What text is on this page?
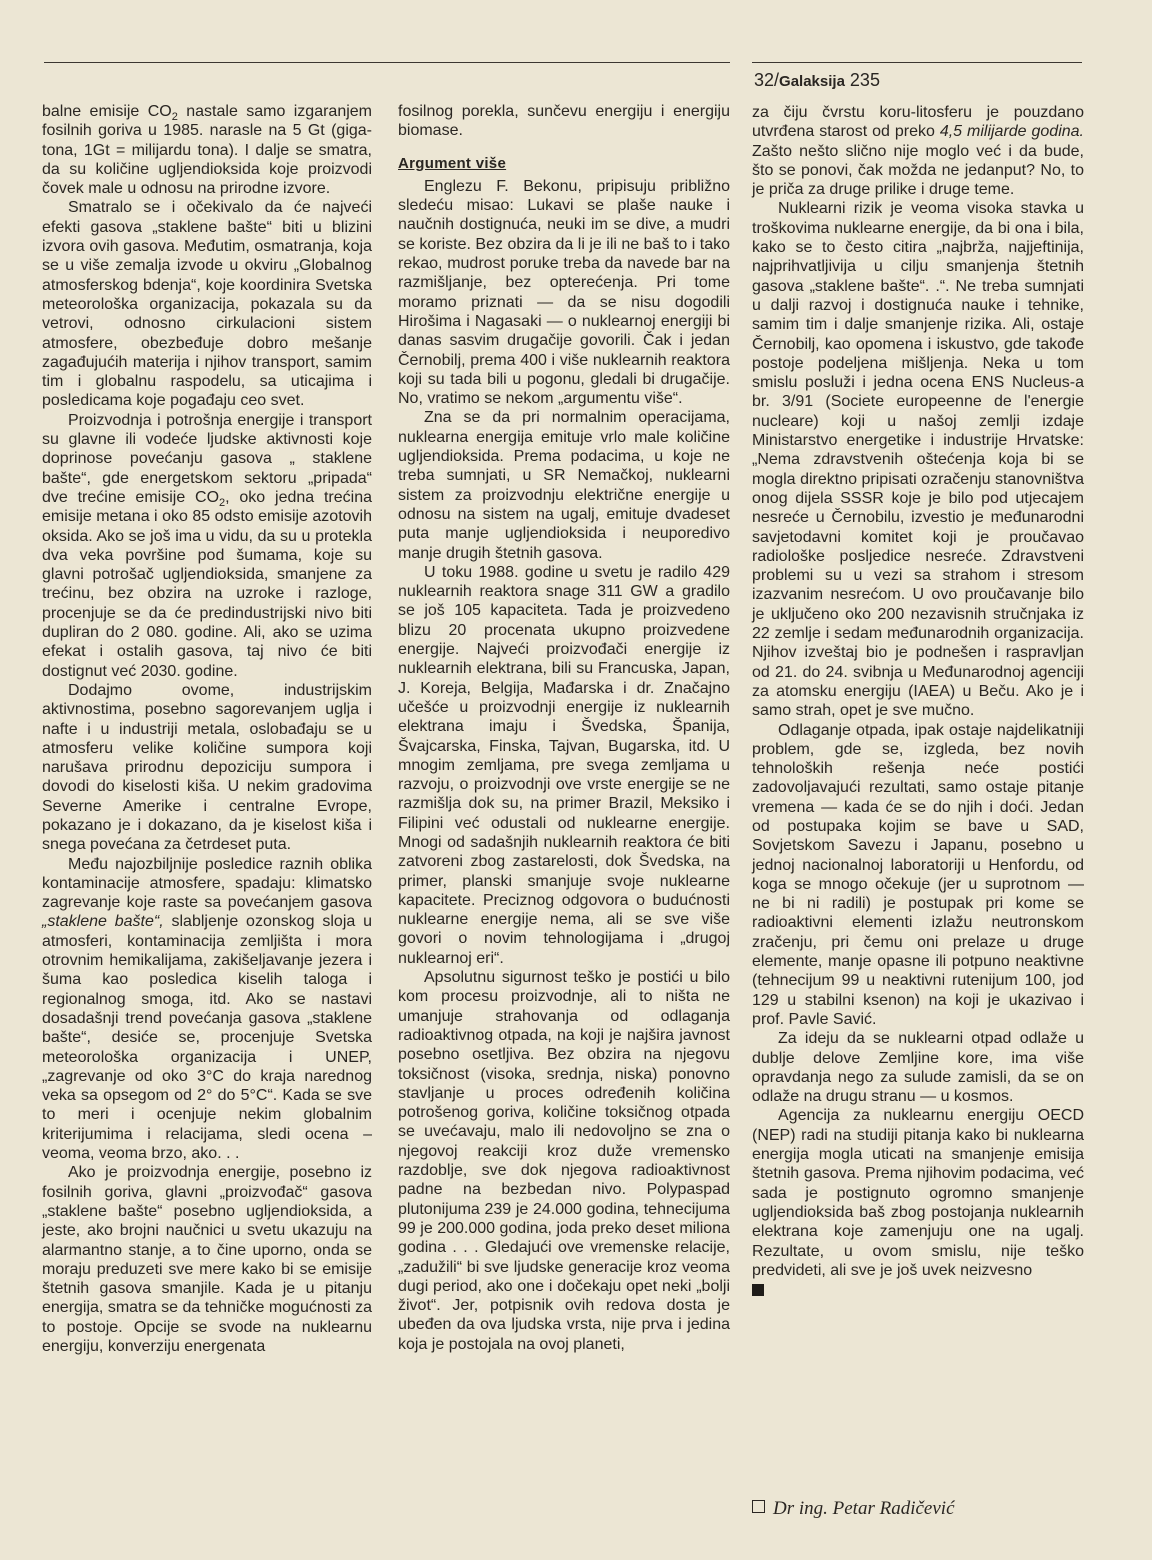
32/Galaksija 235

balne emisije $CO_2$ nastale samo izgaranjem fosilnih goriva u 1985. narasle na 5 Gt (giga-tona, 1Gt = milijardu tona). I dalje se smatra, da su količine ugljendioksida koje proizvodi čovek male u odnosu na prirodne izvore.

Smatralo se i očekivalo da će najveći efekti gasova „staklene bašte“ biti u blizini izvora ovih gasova. Međutim, osmatranja, koja se u više zemalja izvode u okviru „Globalnog atmosferskog bdenja“, koje koordinira Svetska meteorološka organizacija, pokazala su da vetrovi, odnosno cirkulacioni sistem atmosfere, obezbeđuje dobro mešanje zagađujućih materija i njihov transport, samim tim i globalnu raspodelu, sa uticajima i posledicama koje pogađaju ceo svet.

Proizvodnja i potrošnja energije i transport su glavne ili vodeće ljudske aktivnosti koje doprinose povećanju gasova „ staklene bašte“, gde energetskom sektoru „pripada“ dve trećine emisije $CO_2$, oko jedna trećina emisije metana i oko 85 odsto emisije azotovih oksida. Ako se još ima u vidu, da su u protekla dva veka površine pod šumama, koje su glavni potrošač ugljendioksida, smanjene za trećinu, bez obzira na uzroke i razloge, procenjuje se da će predindustrijski nivo biti dupliran do 2 080. godine. Ali, ako se uzima efekat i ostalih gasova, taj nivo će biti dostignut već 2030. godine.

Dodajmo ovome, industrijskim aktivnostima, posebno sagorevanjem uglja i nafte i u industriji metala, oslobađaju se u atmosferu velike količine sumpora koji narušava prirodnu depoziciju sumpora i dovodi do kiselosti kiša. U nekim gradovima Severne Amerike i centralne Evrope, pokazano je i dokazano, da je kiselost kiša i snega povećana za četrdeset puta.

Među najozbiljnije posledice raznih oblika kontaminacije atmosfere, spadaju: klimatsko zagrevanje koje raste sa povećanjem gasova „staklene bašte“, slabljenje ozonskog sloja u atmosferi, kontaminacija zemljišta i mora otrovnim hemikalijama, zakišeljavanje jezera i šuma kao posledica kiselih taloga i regionalnog smoga, itd. Ako se nastavi dosadašnji trend povećanja gasova „staklene bašte“, desiće se, procenjuje Svetska meteorološka organizacija i UNEP, „zagrevanje od oko 3°C do kraja narednog veka sa opsegom od 2° do 5°C“. Kada se sve to meri i ocenjuje nekim globalnim kriterijumima i relacijama, sledi ocena – veoma, veoma brzo, ako. . .

Ako je proizvodnja energije, posebno iz fosilnih goriva, glavni „proizvođač“ gasova „staklene bašte“ posebno ugljendioksida, a jeste, ako brojni naučnici u svetu ukazuju na alarmantno stanje, a to čine uporno, onda se moraju preduzeti sve mere kako bi se emisije štetnih gasova smanjile. Kada je u pitanju energija, smatra se da tehničke mogućnosti za to postoje. Opcije se svode na nuklearnu energiju, konverziju energenata

fosilnog porekla, sunčevu energiju i energiju biomase.

Argument više

Englezu F. Bekonu, pripisuju približno sledeću misao: Lukavi se plaše nauke i naučnih dostignuća, neuki im se dive, a mudri se koriste. Bez obzira da li je ili ne baš to i tako rekao, mudrost porukе treba da navede bar na razmišljanje, bez opterećenja. Pri tome moramo priznati — da se nisu dogodili Hirošima i Nagasaki — o nuklearnoj energiji bi danas sasvim drugačije govorili. Čak i jedan Černobilj, prema 400 i više nuklearnih reaktora koji su tada bili u pogonu, gledali bi drugačije. No, vratimo se nekom „argumentu više“.

Zna se da pri normalnim operacijama, nuklearna energija emituje vrlo male količine ugljendioksida. Prema podacima, u koje ne treba sumnjati, u SR Nemačkoj, nuklearni sistem za proizvodnju električne energije u odnosu na sistem na ugalj, emituje dvadeset puta manje ugljendioksida i neuporedivo manje drugih štetnih gasova.

U toku 1988. godine u svetu je radilo 429 nuklearnih reaktora snage 311 GW a gradilo se još 105 kapaciteta. Tada je proizvedeno blizu 20 procenata ukupno proizvedene energije. Najveći proizvođači energije iz nuklearnih elektrana, bili su Francuska, Japan, J. Koreja, Belgija, Mađarska i dr. Značajno učešće u proizvodnji energije iz nuklearnih elektrana imaju i Švedska, Španija, Švajcarska, Finska, Tajvan, Bugarska, itd. U mnogim zemljama, pre svega zemljama u razvoju, o proizvodnji ove vrste energije se ne razmišlja dok su, na primer Brazil, Meksiko i Filipini već odustali od nuklearne energije. Mnogi od sadašnjih nuklearnih reaktora će biti zatvoreni zbog zastarelosti, dok Švedska, na primer, planski smanjuje svoje nuklearne kapacitete. Preciznog odgovora o budućnosti nuklearne energije nema, ali se sve više govori o novim tehnologijama i „drugoj nuklearnoj eri“.

Apsolutnu sigurnost teško je postići u bilo kom procesu proizvodnje, ali to ništa ne umanjuje strahovanja od odlaganja radioaktivnog otpada, na koji je najšira javnost posebno osetljiva. Bez obzira na njegovu toksičnost (visoka, srednja, niska) ponovno stavljanje u proces određenih količina potrošenog goriva, količine toksičnog otpada se uvećavaju, malo ili nedovoljno se zna o njegovoj reakciji kroz duže vremensko razdoblje, sve dok njegova radioaktivnost padne na bezbedan nivo. Polураspad plutonijuma 239 je 24.000 godina, tehnecijuma 99 je 200.000 godina, joda preko deset miliona godina . . . Gledajući ove vremenske relacije, „zadužili“ bi sve ljudske generacije kroz veoma dugi period, ako one i dočekaju opet neki „bolji život“. Jer, potpisnik ovih redova dosta je ubeđen da ova ljudska vrsta, nije prva i jedina koja je postojala na ovoj planeti,

za čiju čvrstu koru-litosferu je pouzdano utvrđena starost od preko 4,5 milijarde godina. Zašto nešto slično nije moglo već i da bude, što se ponovi, čak možda ne jedanput? No, to je priča za druge prilike i druge teme.

Nuklearni rizik je veoma visoka stavka u troškovima nuklearne energije, da bi ona i bila, kako se to često citira „najbrža, najjeftinija, najprihvatljivija u cilju smanjenja štetnih gasova „staklene bašte“. .“. Ne treba sumnjati u dalji razvoj i dostignuća nauke i tehnike, samim tim i dalje smanjenje rizika. Ali, ostaje Černobilj, kao opomena i iskustvo, gde takođe postoje podeljena mišljenja. Neka u tom smislu posluži i jedna ocena ENS Nucleus-a br. 3/91 (Societe europeenne de l'energie nucleare) koji u našoj zemlji izdaje Ministarstvo energetike i industrije Hrvatske: „Nema zdravstvenih oštećenja koja bi se mogla direktno pripisati ozračenju stanovništva onog dijela SSSR koje je bilo pod utjecajem nesreće u Černobilu, izvestio je međunarodni savjetodavni komitet koji je proučavao radiološke posljedice nesreće. Zdravstveni problemi su u vezi sa strahom i stresom izazvanim nesrećom. U ovo proučavanje bilo je uključeno oko 200 nezavisnih stručnjaka iz 22 zemlje i sedam međunarodnih organizacija. Njihov izveštaj bio je podnešen i raspravljan od 21. do 24. svibnja u Međunarodnoj agenciji za atomsku energiju (IAEA) u Beču. Ako je i samo strah, opet je sve mučno.

Odlaganje otpada, ipak ostaje najdelikatniji problem, gde se, izgleda, bez novih tehnoloških rešenja neće postići zadovoljavajući rezultati, samo ostaje pitanje vremena — kada će se do njih i doći. Jedan od postupaka kojim se bave u SAD, Sovjetskom Savezu i Japanu, posebno u jednoj nacionalnoj laboratoriji u Henfordu, od koga se mnogo očekuje (jer u suprotnom — ne bi ni radili) je postupak pri kome se radioaktivni elementi izlažu neutronskom zračenju, pri čemu oni prelaze u druge elemente, manje opasne ili potpuno neaktivne (tehnecijum 99 u neaktivni rutenijum 100, jod 129 u stabilni ksenon) na koji je ukazivao i prof. Pavle Savić.

Za ideju da se nuklearni otpad odlaže u dublje delove Zemljine kore, ima više opravdanja nego za sulude zamisli, da se on odlaže na drugu stranu — u kosmos.

Agencija za nuklearnu energiju OECD (NEP) radi na studiji pitanja kako bi nuklearna energija mogla uticati na smanjenje emisija štetnih gasova. Prema njihovim podacima, već sada je postignuto ogromno smanjenje ugljendioksida baš zbog postojanja nuklearnih elektrana koje zamenjuju one na ugalj. Rezultate, u ovom smislu, nije teško predvideti, ali sve je još uvek neizvesno

Dr ing. Petar Radičević
